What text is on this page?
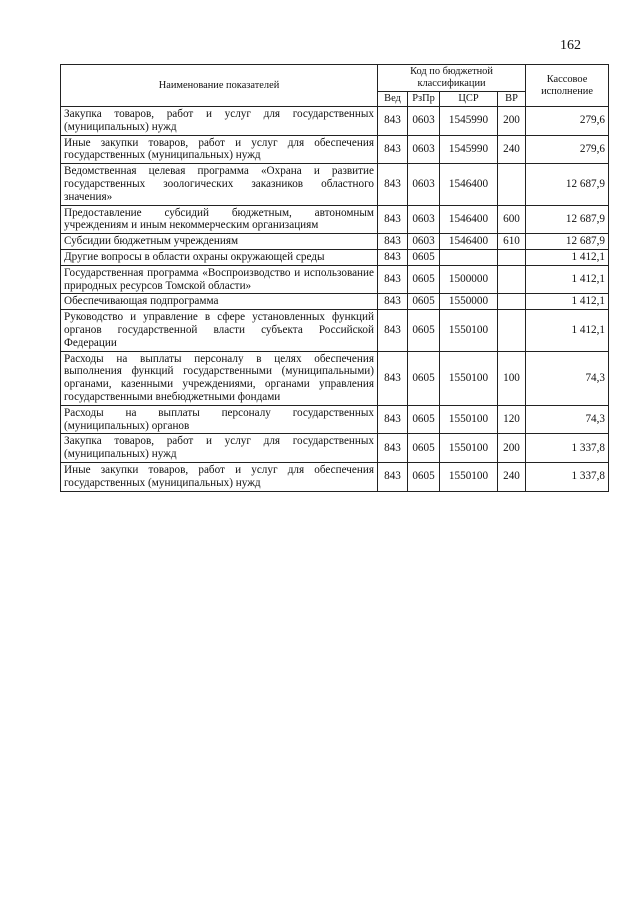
162
Наименование показателей	Код по бюджетной классификации				Кассовое исполнение
	Вед	РзПр	ЦСР	ВР	
Закупка товаров, работ и услуг для государственных (муниципальных) нужд	843	0603	1545990	200	279,6
Иные закупки товаров, работ и услуг для обеспечения государственных (муниципальных) нужд	843	0603	1545990	240	279,6
Ведомственная целевая программа «Охрана и развитие государственных зоологических заказников областного значения»	843	0603	1546400		12 687,9
Предоставление субсидий бюджетным, автономным учреждениям и иным некоммерческим организациям	843	0603	1546400	600	12 687,9
Субсидии бюджетным учреждениям	843	0603	1546400	610	12 687,9
Другие вопросы в области охраны окружающей среды	843	0605			1 412,1
Государственная программа «Воспроизводство и использование природных ресурсов Томской области»	843	0605	1500000		1 412,1
Обеспечивающая подпрограмма	843	0605	1550000		1 412,1
Руководство и управление в сфере установленных функций органов государственной власти субъекта Российской Федерации	843	0605	1550100		1 412,1
Расходы на выплаты персоналу в целях обеспечения выполнения функций государственными (муниципальными) органами, казенными учреждениями, органами управления государственными внебюджетными фондами	843	0605	1550100	100	74,3
Расходы на выплаты персоналу государственных (муниципальных) органов	843	0605	1550100	120	74,3
Закупка товаров, работ и услуг для государственных (муниципальных) нужд	843	0605	1550100	200	1 337,8
Иные закупки товаров, работ и услуг для обеспечения государственных (муниципальных) нужд	843	0605	1550100	240	1 337,8
